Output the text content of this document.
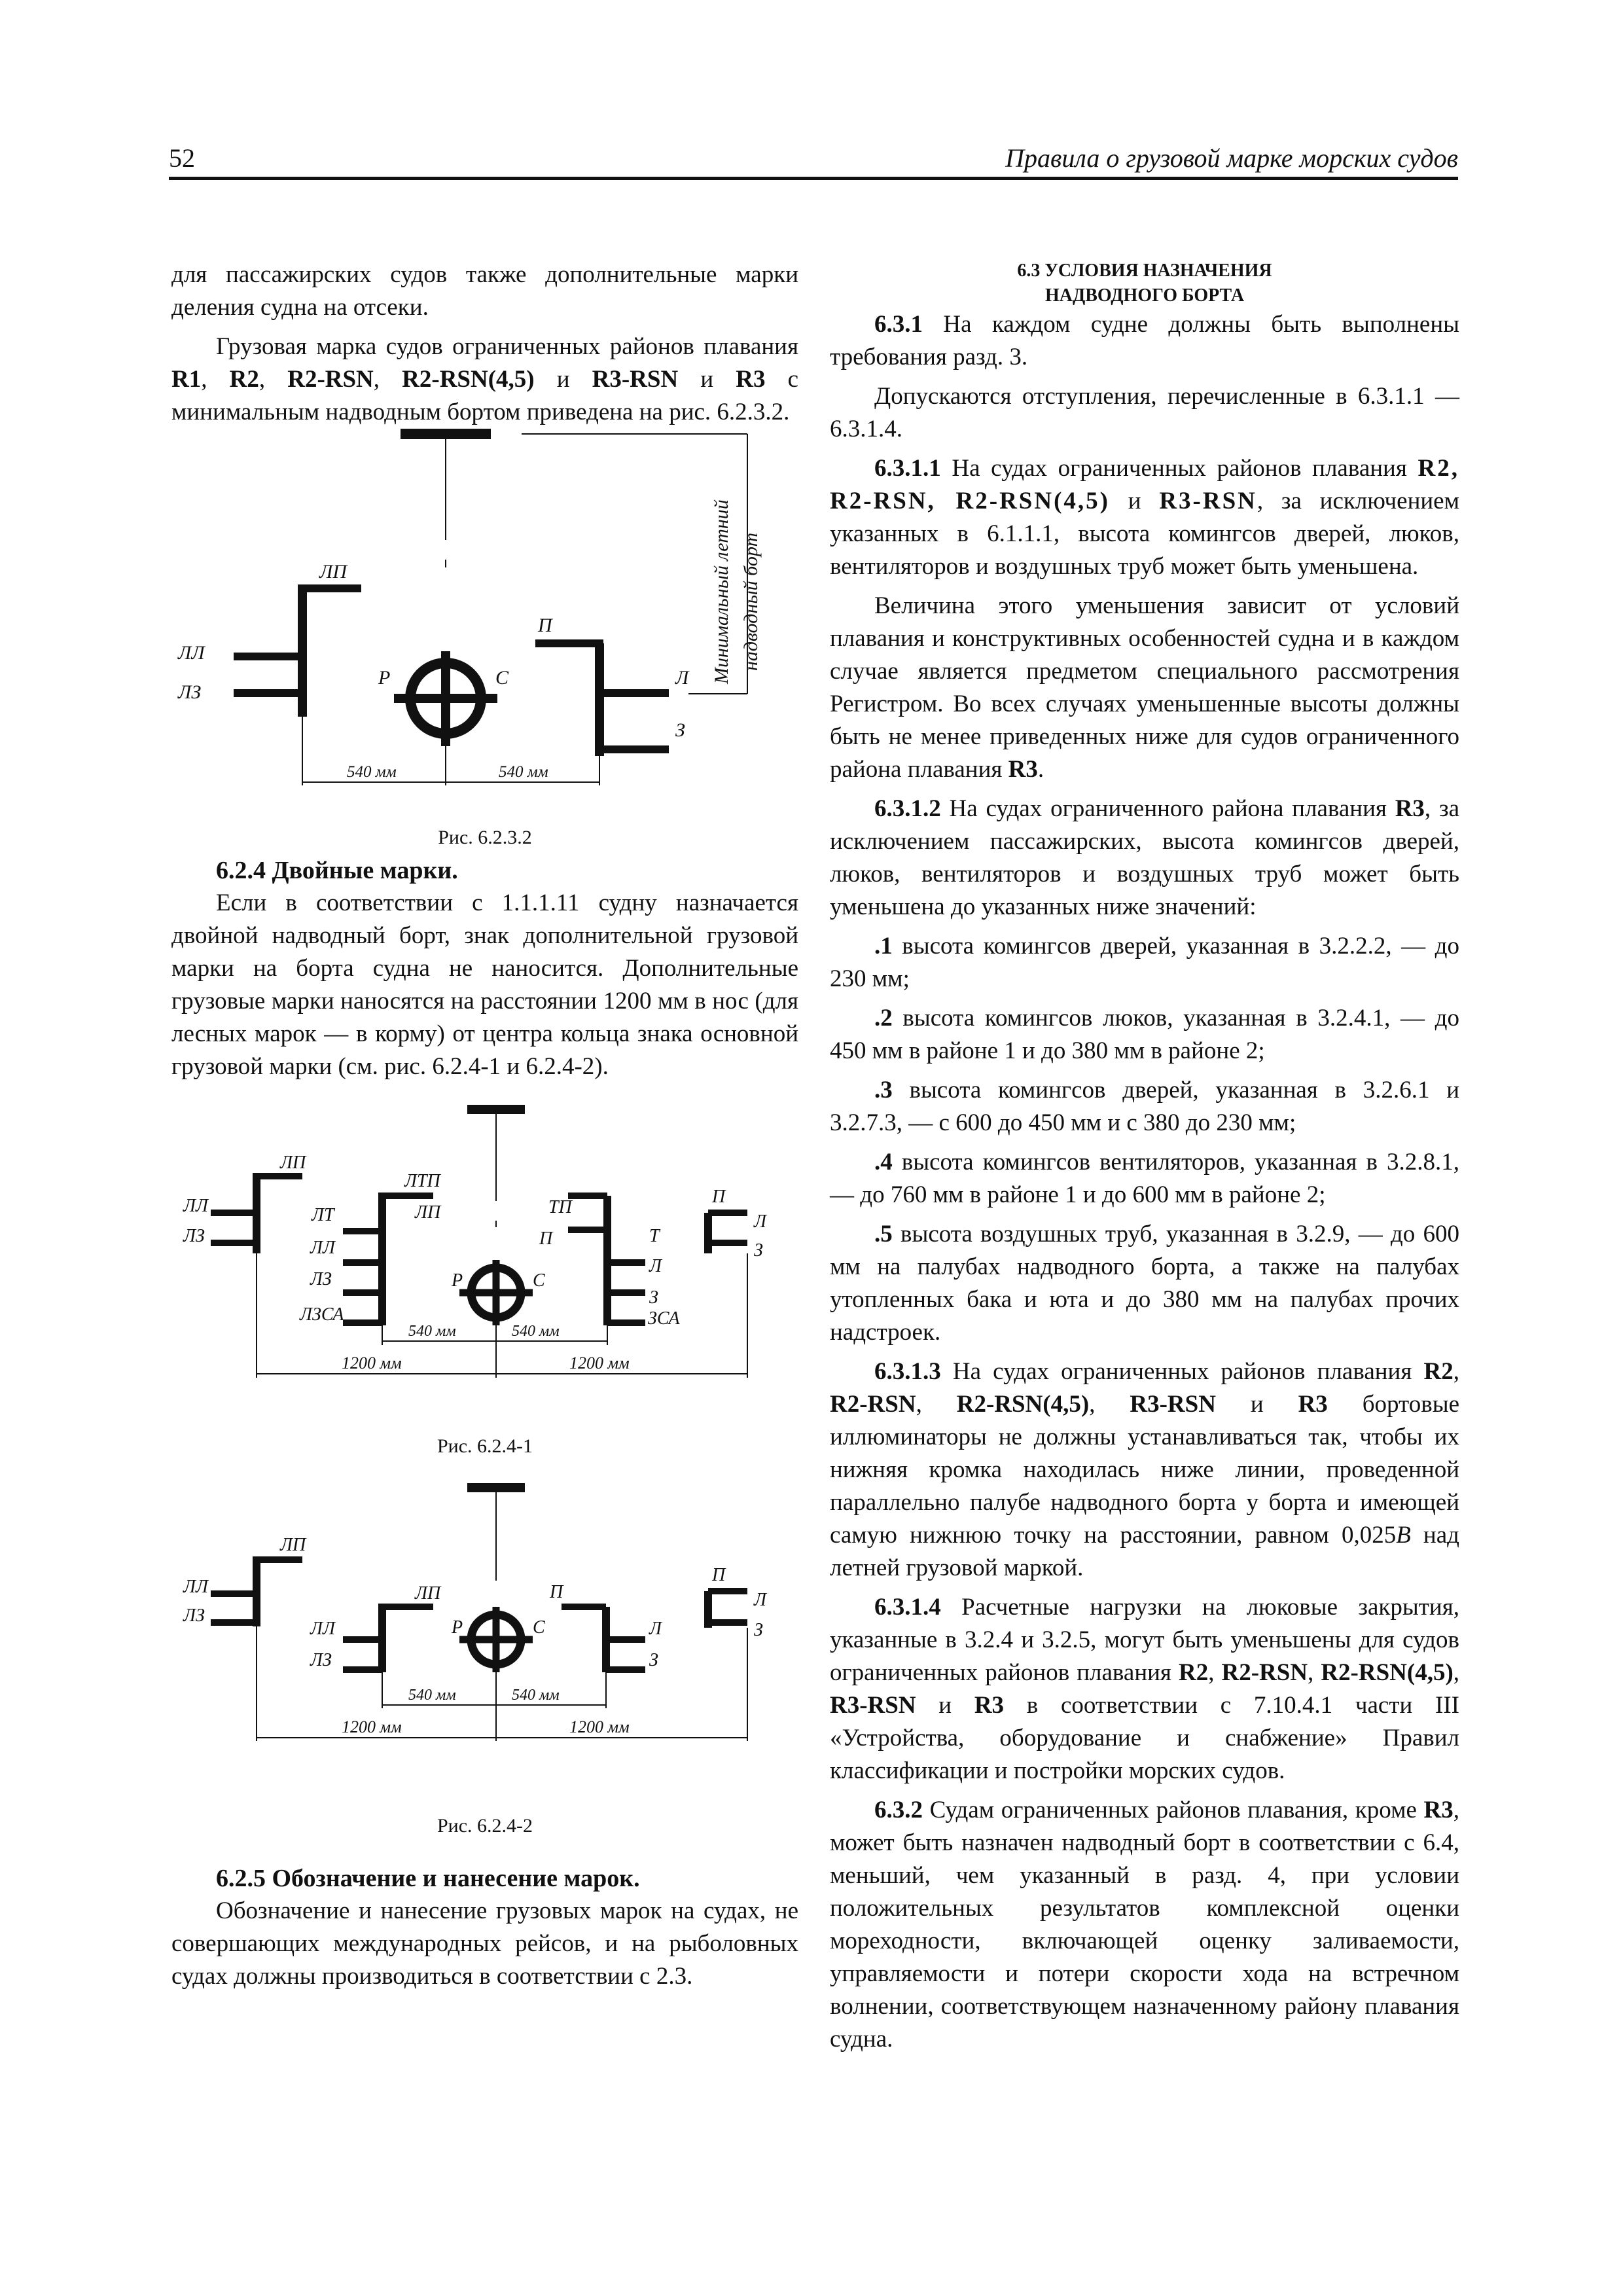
52	Правила о грузовой марке морских судов

для пассажирских судов также дополнительные марки деления судна на отсеки.

Грузовая марка судов ограниченных районов плавания R1, R2, R2-RSN, R2-RSN(4,5) и R3-RSN и R3 с минимальным надводным бортом приведена на рис. 6.2.3.2.

ЛП
ЛЛ
ЛЗ
Р	С
П
Л
З
540 мм	540 мм
Минимальный летний надводный борт

Рис. 6.2.3.2

6.2.4 Двойные марки.

Если в соответствии с 1.1.1.11 судну назначается двойной надводный борт, знак дополнительной грузовой марки на борта судна не наносится. Дополнительные грузовые марки наносятся на расстоянии 1200 мм в нос (для лесных марок — в корму) от центра кольца знака основной грузовой марки (см. рис. 6.2.4-1 и 6.2.4-2).

ЛП
ЛЛ
ЛЗ
ЛТ
ЛТП
ЛП
ЛЛ
ЛЗ
ЛЗСА
Р	С
ТП
П	Т
Л
З
ЗСА
П
Л
З
540 мм	540 мм
1200 мм	1200 мм

Рис. 6.2.4-1

ЛП
ЛЛ
ЛЗ
ЛП
ЛЛ
ЛЗ
Р	С
П
Л
З
П
Л
З
540 мм	540 мм
1200 мм	1200 мм

Рис. 6.2.4-2

6.2.5 Обозначение и нанесение марок.

Обозначение и нанесение грузовых марок на судах, не совершающих международных рейсов, и на рыболовных судах должны производиться в соответствии с 2.3.

6.3 УСЛОВИЯ НАЗНАЧЕНИЯ
НАДВОДНОГО БОРТА

6.3.1 На каждом судне должны быть выполнены требования разд. 3.

Допускаются отступления, перечисленные в 6.3.1.1 — 6.3.1.4.

6.3.1.1 На судах ограниченных районов плавания R2, R2-RSN, R2-RSN(4,5) и R3-RSN, за исключением указанных в 6.1.1.1, высота комингсов дверей, люков, вентиляторов и воздушных труб может быть уменьшена.

Величина этого уменьшения зависит от условий плавания и конструктивных особенностей судна и в каждом случае является предметом специального рассмотрения Регистром. Во всех случаях уменьшенные высоты должны быть не менее приведенных ниже для судов ограниченного района плавания R3.

6.3.1.2 На судах ограниченного района плавания R3, за исключением пассажирских, высота комингсов дверей, люков, вентиляторов и воздушных труб может быть уменьшена до указанных ниже значений:

.1 высота комингсов дверей, указанная в 3.2.2.2, — до 230 мм;

.2 высота комингсов люков, указанная в 3.2.4.1, — до 450 мм в районе 1 и до 380 мм в районе 2;

.3 высота комингсов дверей, указанная в 3.2.6.1 и 3.2.7.3, — с 600 до 450 мм и с 380 до 230 мм;

.4 высота комингсов вентиляторов, указанная в 3.2.8.1, — до 760 мм в районе 1 и до 600 мм в районе 2;

.5 высота воздушных труб, указанная в 3.2.9, — до 600 мм на палубах надводного борта, а также на палубах утопленных бака и юта и до 380 мм на палубах прочих надстроек.

6.3.1.3 На судах ограниченных районов плавания R2, R2-RSN, R2-RSN(4,5), R3-RSN и R3 бортовые иллюминаторы не должны устанавливаться так, чтобы их нижняя кромка находилась ниже линии, проведенной параллельно палубе надводного борта у борта и имеющей самую нижнюю точку на расстоянии, равном 0,025B над летней грузовой маркой.

6.3.1.4 Расчетные нагрузки на люковые закрытия, указанные в 3.2.4 и 3.2.5, могут быть уменьшены для судов ограниченных районов плавания R2, R2-RSN, R2-RSN(4,5), R3-RSN и R3 в соответствии с 7.10.4.1 части III «Устройства, оборудование и снабжение» Правил классификации и постройки морских судов.

6.3.2 Судам ограниченных районов плавания, кроме R3, может быть назначен надводный борт в соответствии с 6.4, меньший, чем указанный в разд. 4, при условии положительных результатов комплексной оценки мореходности, включающей оценку заливаемости, управляемости и потери скорости хода на встречном волнении, соответствующем назначенному району плавания судна.
